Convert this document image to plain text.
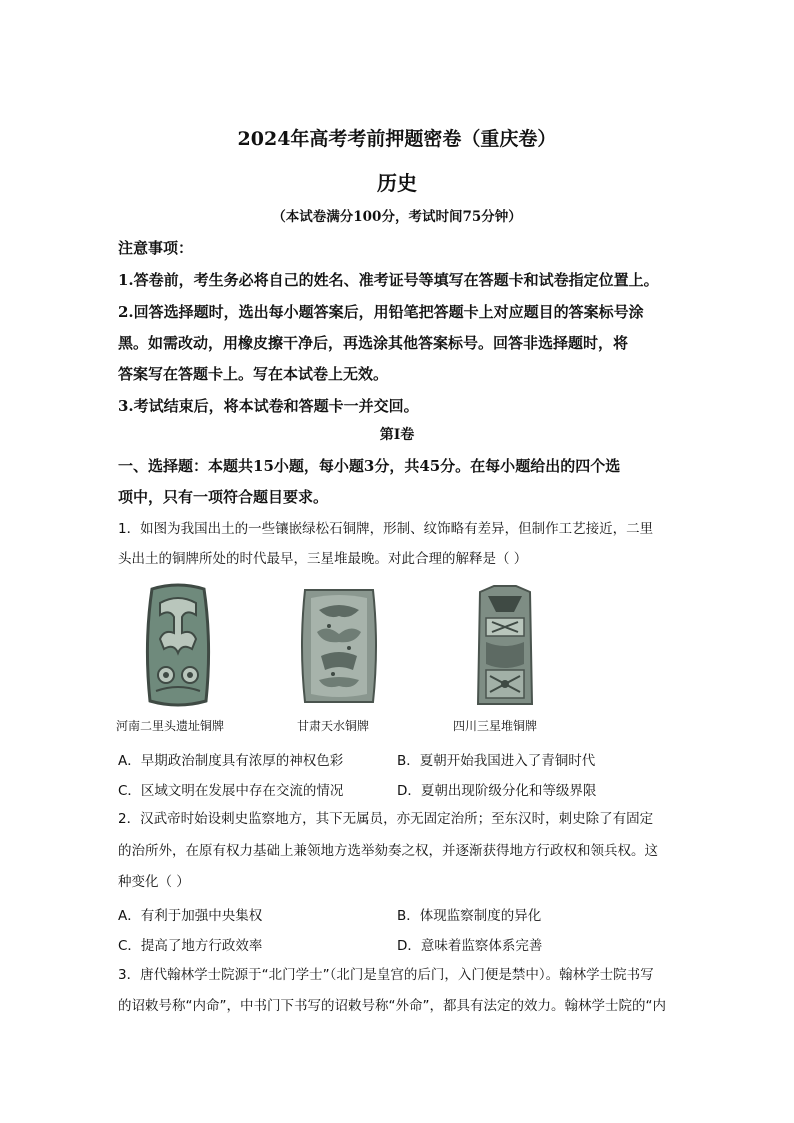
2024年高考考前押题密卷（重庆卷）
历史
（本试卷满分100分，考试时间75分钟）
注意事项：
1.答卷前，考生务必将自己的姓名、准考证号等填写在答题卡和试卷指定位置上。
2.回答选择题时，选出每小题答案后，用铅笔把答题卡上对应题目的答案标号涂
黑。如需改动，用橡皮擦干净后，再选涂其他答案标号。回答非选择题时，将
答案写在答题卡上。写在本试卷上无效。
3.考试结束后，将本试卷和答题卡一并交回。
第Ⅰ卷
一、选择题：本题共15小题，每小题3分，共45分。在每小题给出的四个选
项中，只有一项符合题目要求。
1．如图为我国出土的一些镶嵌绿松石铜牌，形制、纹饰略有差异，但制作工艺接近，二里
头出土的铜牌所处的时代最早，三星堆最晚。对此合理的解释是（ ）
河南二里头遗址铜牌	甘肃天水铜牌	四川三星堆铜牌
A．早期政治制度具有浓厚的神权色彩	B．夏朝开始我国进入了青铜时代
C．区域文明在发展中存在交流的情况	D．夏朝出现阶级分化和等级界限
2．汉武帝时始设刺史监察地方，其下无属员，亦无固定治所；至东汉时，刺史除了有固定
的治所外，在原有权力基础上兼领地方选举劾奏之权，并逐渐获得地方行政权和领兵权。这
种变化（ ）
A．有利于加强中央集权	B．体现监察制度的异化
C．提高了地方行政效率	D．意味着监察体系完善
3．唐代翰林学士院源于“北门学士”（北门是皇宫的后门，入门便是禁中）。翰林学士院书写
的诏敕号称“内命”，中书门下书写的诏敕号称“外命”，都具有法定的效力。翰林学士院的“内
